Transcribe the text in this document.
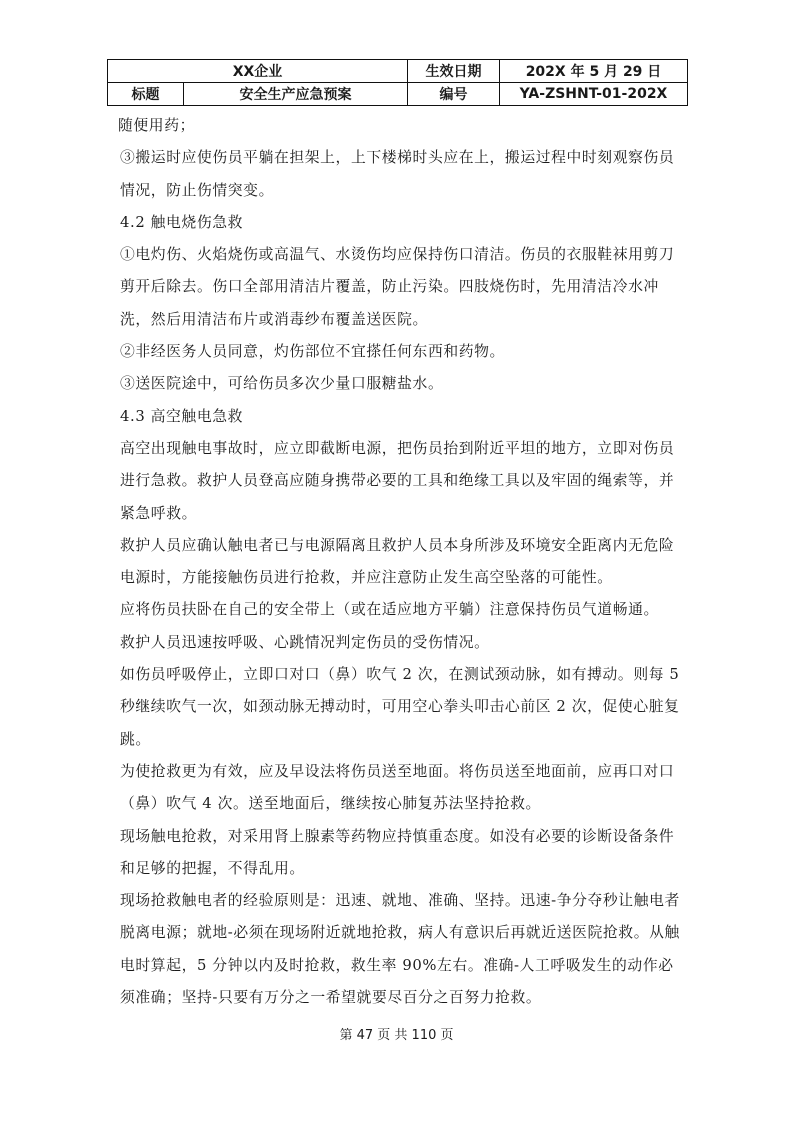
XX企业		生效日期	202X 年 5 月 29 日
标题	安全生产应急预案	编号	YA-ZSHNT-01-202X

随便用药；

③搬运时应使伤员平躺在担架上，上下楼梯时头应在上，搬运过程中时刻观察伤员情况，防止伤情突变。

4.2 触电烧伤急救

①电灼伤、火焰烧伤或高温气、水烫伤均应保持伤口清洁。伤员的衣服鞋袜用剪刀剪开后除去。伤口全部用清洁片覆盖，防止污染。四肢烧伤时，先用清洁冷水冲洗，然后用清洁布片或消毒纱布覆盖送医院。

②非经医务人员同意，灼伤部位不宜搽任何东西和药物。

③送医院途中，可给伤员多次少量口服糖盐水。

4.3 高空触电急救

高空出现触电事故时，应立即截断电源，把伤员抬到附近平坦的地方，立即对伤员进行急救。救护人员登高应随身携带必要的工具和绝缘工具以及牢固的绳索等，并紧急呼救。

救护人员应确认触电者已与电源隔离且救护人员本身所涉及环境安全距离内无危险电源时，方能接触伤员进行抢救，并应注意防止发生高空坠落的可能性。

应将伤员扶卧在自己的安全带上（或在适应地方平躺）注意保持伤员气道畅通。

救护人员迅速按呼吸、心跳情况判定伤员的受伤情况。

如伤员呼吸停止，立即口对口（鼻）吹气 2 次，在测试颈动脉，如有搏动。则每 5 秒继续吹气一次，如颈动脉无搏动时，可用空心拳头叩击心前区 2 次，促使心脏复跳。

为使抢救更为有效，应及早设法将伤员送至地面。将伤员送至地面前，应再口对口（鼻）吹气 4 次。送至地面后，继续按心肺复苏法坚持抢救。

现场触电抢救，对采用肾上腺素等药物应持慎重态度。如没有必要的诊断设备条件和足够的把握，不得乱用。

现场抢救触电者的经验原则是：迅速、就地、准确、坚持。迅速-争分夺秒让触电者脱离电源；就地-必须在现场附近就地抢救，病人有意识后再就近送医院抢救。从触电时算起，5 分钟以内及时抢救，救生率 90%左右。准确-人工呼吸发生的动作必须准确；坚持-只要有万分之一希望就要尽百分之百努力抢救。

第 47 页 共 110 页
